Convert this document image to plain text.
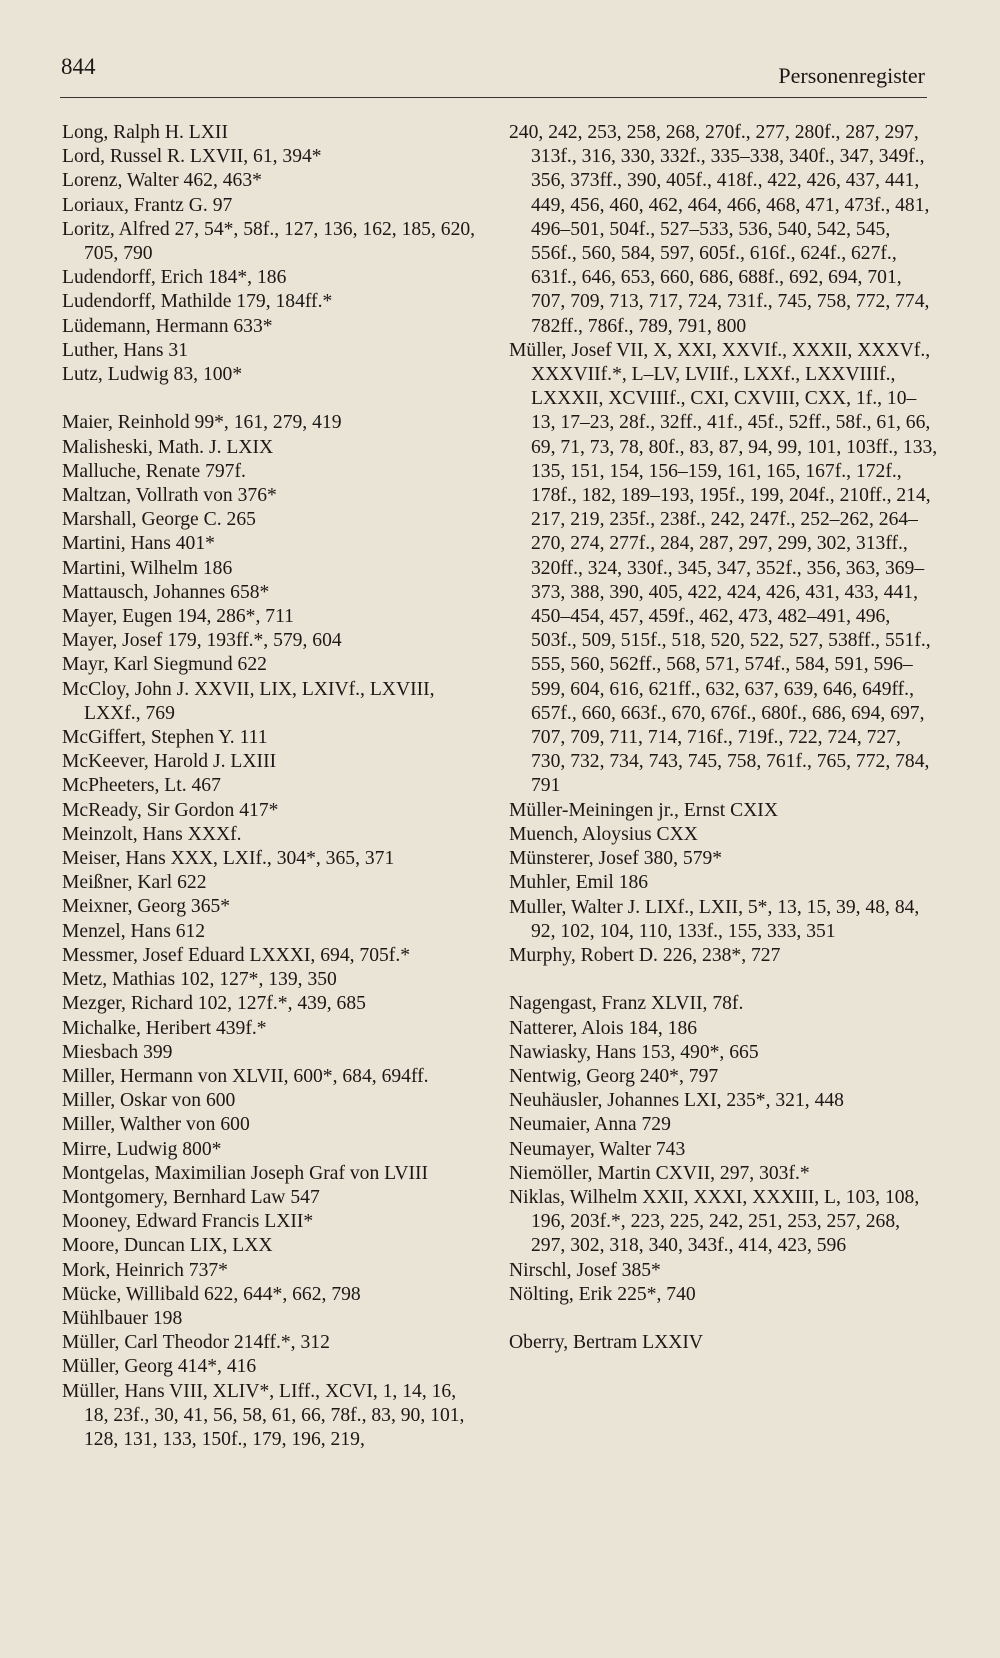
844	Personenregister
Long, Ralph H. LXII
Lord, Russel R. LXVII, 61, 394*
Lorenz, Walter 462, 463*
Loriaux, Frantz G. 97
Loritz, Alfred 27, 54*, 58f., 127, 136, 162, 185, 620, 705, 790
Ludendorff, Erich 184*, 186
Ludendorff, Mathilde 179, 184ff.*
Lüdemann, Hermann 633*
Luther, Hans 31
Lutz, Ludwig 83, 100*
Maier, Reinhold 99*, 161, 279, 419
Malisheski, Math. J. LXIX
Malluche, Renate 797f.
Maltzan, Vollrath von 376*
Marshall, George C. 265
Martini, Hans 401*
Martini, Wilhelm 186
Mattausch, Johannes 658*
Mayer, Eugen 194, 286*, 711
Mayer, Josef 179, 193ff.*, 579, 604
Mayr, Karl Siegmund 622
McCloy, John J. XXVII, LIX, LXIVf., LXVIII, LXXf., 769
McGiffert, Stephen Y. 111
McKeever, Harold J. LXIII
McPheeters, Lt. 467
McReady, Sir Gordon 417*
Meinzolt, Hans XXXf.
Meiser, Hans XXX, LXIf., 304*, 365, 371
Meißner, Karl 622
Meixner, Georg 365*
Menzel, Hans 612
Messmer, Josef Eduard LXXXI, 694, 705f.*
Metz, Mathias 102, 127*, 139, 350
Mezger, Richard 102, 127f.*, 439, 685
Michalke, Heribert 439f.*
Miesbach 399
Miller, Hermann von XLVII, 600*, 684, 694ff.
Miller, Oskar von 600
Miller, Walther von 600
Mirre, Ludwig 800*
Montgelas, Maximilian Joseph Graf von LVIII
Montgomery, Bernhard Law 547
Mooney, Edward Francis LXII*
Moore, Duncan LIX, LXX
Mork, Heinrich 737*
Mücke, Willibald 622, 644*, 662, 798
Mühlbauer 198
Müller, Carl Theodor 214ff.*, 312
Müller, Georg 414*, 416
Müller, Hans VIII, XLIV*, LIff., XCVI, 1, 14, 16, 18, 23f., 30, 41, 56, 58, 61, 66, 78f., 83, 90, 101, 128, 131, 133, 150f., 179, 196, 219,
240, 242, 253, 258, 268, 270f., 277, 280f., 287, 297, 313f., 316, 330, 332f., 335–338, 340f., 347, 349f., 356, 373ff., 390, 405f., 418f., 422, 426, 437, 441, 449, 456, 460, 462, 464, 466, 468, 471, 473f., 481, 496–501, 504f., 527–533, 536, 540, 542, 545, 556f., 560, 584, 597, 605f., 616f., 624f., 627f., 631f., 646, 653, 660, 686, 688f., 692, 694, 701, 707, 709, 713, 717, 724, 731f., 745, 758, 772, 774, 782ff., 786f., 789, 791, 800
Müller, Josef VII, X, XXI, XXVIf., XXXII, XXXVf., XXXVIIf.*, L–LV, LVIIf., LXXf., LXXVIIIf., LXXXII, XCVIIIf., CXI, CXVIII, CXX, 1f., 10–13, 17–23, 28f., 32ff., 41f., 45f., 52ff., 58f., 61, 66, 69, 71, 73, 78, 80f., 83, 87, 94, 99, 101, 103ff., 133, 135, 151, 154, 156–159, 161, 165, 167f., 172f., 178f., 182, 189–193, 195f., 199, 204f., 210ff., 214, 217, 219, 235f., 238f., 242, 247f., 252–262, 264–270, 274, 277f., 284, 287, 297, 299, 302, 313ff., 320ff., 324, 330f., 345, 347, 352f., 356, 363, 369–373, 388, 390, 405, 422, 424, 426, 431, 433, 441, 450–454, 457, 459f., 462, 473, 482–491, 496, 503f., 509, 515f., 518, 520, 522, 527, 538ff., 551f., 555, 560, 562ff., 568, 571, 574f., 584, 591, 596–599, 604, 616, 621ff., 632, 637, 639, 646, 649ff., 657f., 660, 663f., 670, 676f., 680f., 686, 694, 697, 707, 709, 711, 714, 716f., 719f., 722, 724, 727, 730, 732, 734, 743, 745, 758, 761f., 765, 772, 784, 791
Müller-Meiningen jr., Ernst CXIX
Muench, Aloysius CXX
Münsterer, Josef 380, 579*
Muhler, Emil 186
Muller, Walter J. LIXf., LXII, 5*, 13, 15, 39, 48, 84, 92, 102, 104, 110, 133f., 155, 333, 351
Murphy, Robert D. 226, 238*, 727
Nagengast, Franz XLVII, 78f.
Natterer, Alois 184, 186
Nawiasky, Hans 153, 490*, 665
Nentwig, Georg 240*, 797
Neuhäusler, Johannes LXI, 235*, 321, 448
Neumaier, Anna 729
Neumayer, Walter 743
Niemöller, Martin CXVII, 297, 303f.*
Niklas, Wilhelm XXII, XXXI, XXXIII, L, 103, 108, 196, 203f.*, 223, 225, 242, 251, 253, 257, 268, 297, 302, 318, 340, 343f., 414, 423, 596
Nirschl, Josef 385*
Nölting, Erik 225*, 740
Oberry, Bertram LXXIV
